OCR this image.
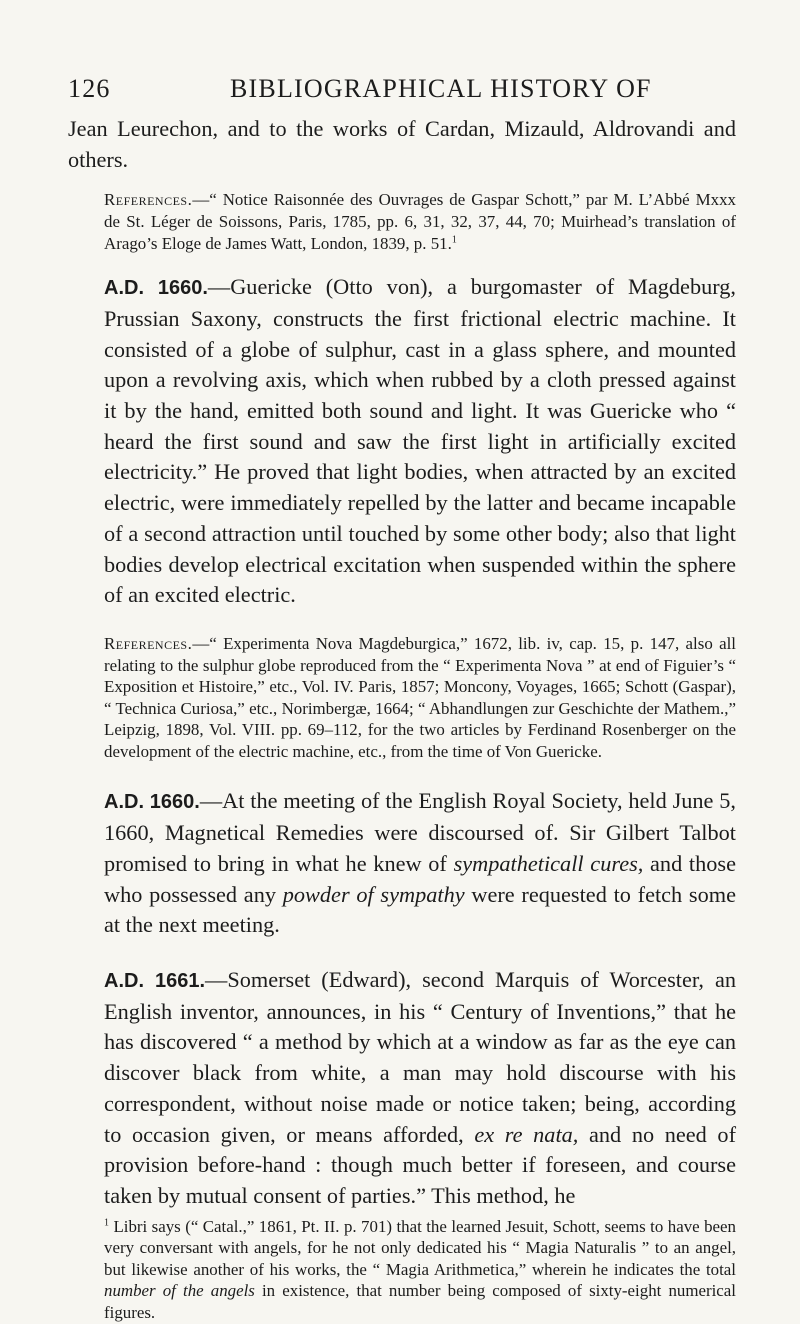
126	BIBLIOGRAPHICAL HISTORY OF

Jean Leurechon, and to the works of Cardan, Mizauld, Aldrovandi and others.

References.—“ Notice Raisonnée des Ouvrages de Gaspar Schott,” par M. L’Abbé Mxxx de St. Léger de Soissons, Paris, 1785, pp. 6, 31, 32, 37, 44, 70; Muirhead’s translation of Arago’s Eloge de James Watt, London, 1839, p. 51.$^1$

A.D. 1660.—Guericke (Otto von), a burgomaster of Magdeburg, Prussian Saxony, constructs the first frictional electric machine. It consisted of a globe of sulphur, cast in a glass sphere, and mounted upon a revolving axis, which when rubbed by a cloth pressed against it by the hand, emitted both sound and light. It was Guericke who “ heard the first sound and saw the first light in artificially excited electricity.” He proved that light bodies, when attracted by an excited electric, were immediately repelled by the latter and became incapable of a second attraction until touched by some other body; also that light bodies develop electrical excitation when suspended within the sphere of an excited electric.

References.—“ Experimenta Nova Magdeburgica,” 1672, lib. iv, cap. 15, p. 147, also all relating to the sulphur globe reproduced from the “ Experimenta Nova ” at end of Figuier’s “ Exposition et Histoire,” etc., Vol. IV. Paris, 1857; Moncony, Voyages, 1665; Schott (Gaspar), “ Technica Curiosa,” etc., Norimbergæ, 1664; “ Abhandlungen zur Geschichte der Mathem.,” Leipzig, 1898, Vol. VIII. pp. 69–112, for the two articles by Ferdinand Rosenberger on the development of the electric machine, etc., from the time of Von Guericke.

A.D. 1660.—At the meeting of the English Royal Society, held June 5, 1660, Magnetical Remedies were discoursed of. Sir Gilbert Talbot promised to bring in what he knew of sympatheticall cures, and those who possessed any powder of sympathy were requested to fetch some at the next meeting.

A.D. 1661.—Somerset (Edward), second Marquis of Worcester, an English inventor, announces, in his “ Century of Inventions,” that he has discovered “ a method by which at a window as far as the eye can discover black from white, a man may hold discourse with his correspondent, without noise made or notice taken; being, according to occasion given, or means afforded, ex re nata, and no need of provision before-hand : though much better if foreseen, and course taken by mutual consent of parties.” This method, he

$^1$ Libri says (“ Catal.,” 1861, Pt. II. p. 701) that the learned Jesuit, Schott, seems to have been very conversant with angels, for he not only dedicated his “ Magia Naturalis ” to an angel, but likewise another of his works, the “ Magia Arithmetica,” wherein he indicates the total number of the angels in existence, that number being composed of sixty-eight numerical figures.
